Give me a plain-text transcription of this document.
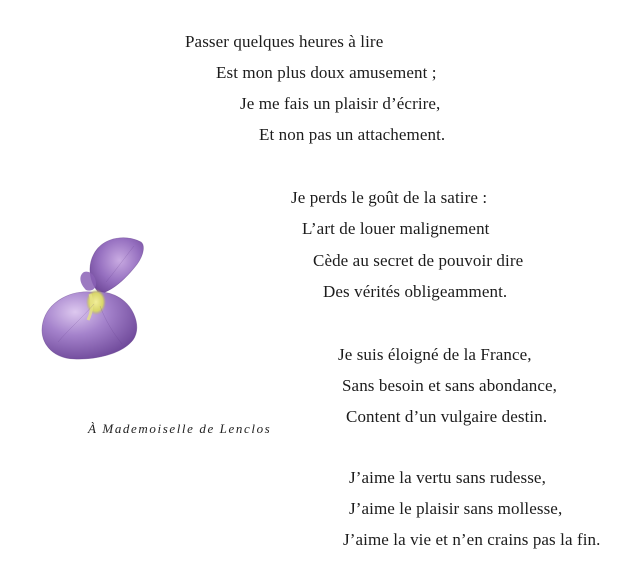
Passer quelques heures à lire
Est mon plus doux amusement ;
Je me fais un plaisir d’écrire,
Et non pas un attachement.
Je perds le goût de la satire :
L’art de louer malignement
Cède au secret de pouvoir dire
Des vérités obligeamment.
Je suis éloigné de la France,
Sans besoin et sans abondance,
Content d’un vulgaire destin.
J’aime la vertu sans rudesse,
J’aime le plaisir sans mollesse,
J’aime la vie et n’en crains pas la fin.
À Mademoiselle de Lenclos
